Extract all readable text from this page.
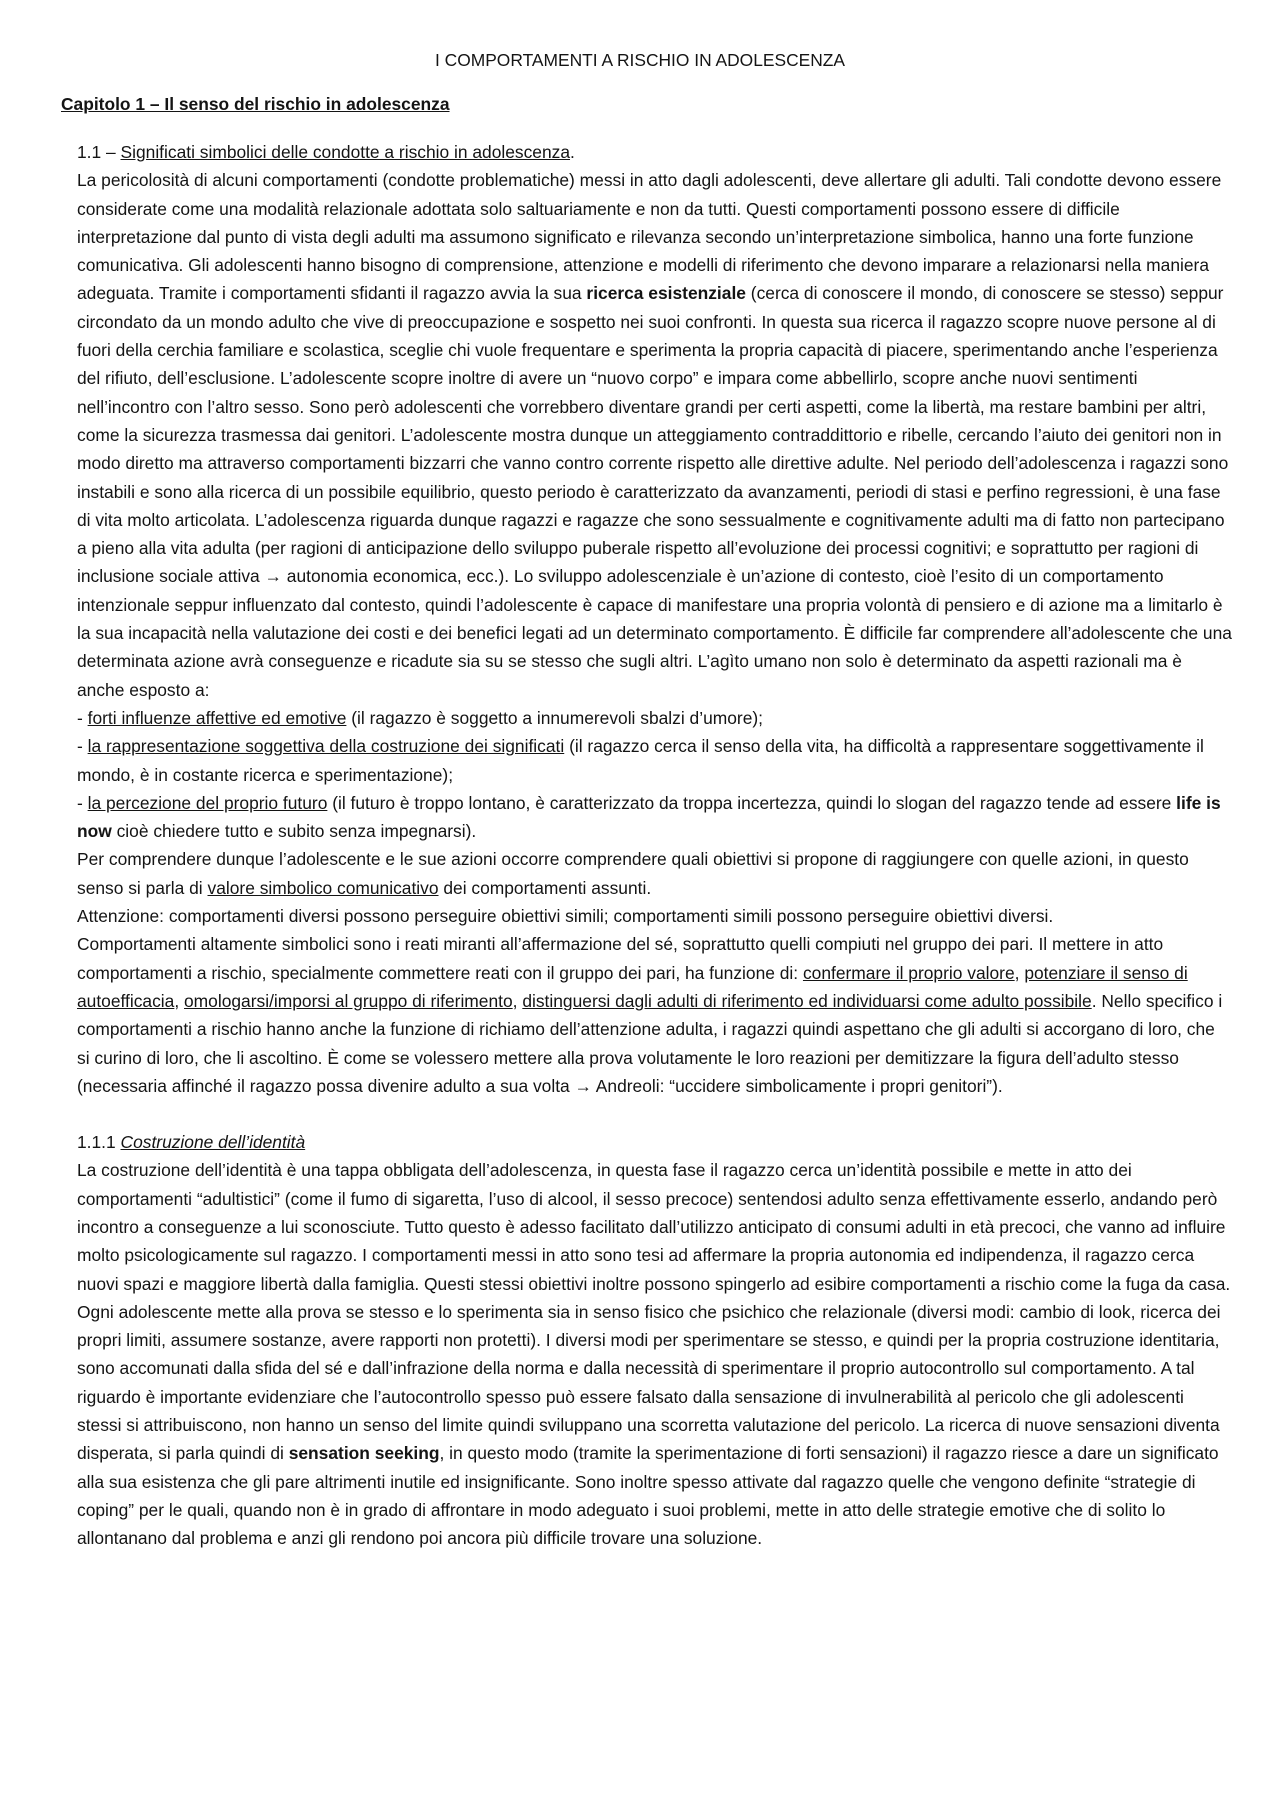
I COMPORTAMENTI A RISCHIO IN ADOLESCENZA
Capitolo 1 – Il senso del rischio in adolescenza

1.1 – Significati simbolici delle condotte a rischio in adolescenza.

La pericolosità di alcuni comportamenti (condotte problematiche) messi in atto dagli adolescenti, deve allertare gli adulti. Tali condotte devono essere considerate come una modalità relazionale adottata solo saltuariamente e non da tutti. Questi comportamenti possono essere di difficile interpretazione dal punto di vista degli adulti ma assumono significato e rilevanza secondo un’interpretazione simbolica, hanno una forte funzione comunicativa. Gli adolescenti hanno bisogno di comprensione, attenzione e modelli di riferimento che devono imparare a relazionarsi nella maniera adeguata. Tramite i comportamenti sfidanti il ragazzo avvia la sua ricerca esistenziale (cerca di conoscere il mondo, di conoscere se stesso) seppur circondato da un mondo adulto che vive di preoccupazione e sospetto nei suoi confronti. In questa sua ricerca il ragazzo scopre nuove persone al di fuori della cerchia familiare e scolastica, sceglie chi vuole frequentare e sperimenta la propria capacità di piacere, sperimentando anche l’esperienza del rifiuto, dell’esclusione. L’adolescente scopre inoltre di avere un “nuovo corpo” e impara come abbellirlo, scopre anche nuovi sentimenti nell’incontro con l’altro sesso. Sono però adolescenti che vorrebbero diventare grandi per certi aspetti, come la libertà, ma restare bambini per altri, come la sicurezza trasmessa dai genitori. L’adolescente mostra dunque un atteggiamento contraddittorio e ribelle, cercando l’aiuto dei genitori non in modo diretto ma attraverso comportamenti bizzarri che vanno contro corrente rispetto alle direttive adulte. Nel periodo dell’adolescenza i ragazzi sono instabili e sono alla ricerca di un possibile equilibrio, questo periodo è caratterizzato da avanzamenti, periodi di stasi e perfino regressioni, è una fase di vita molto articolata. L’adolescenza riguarda dunque ragazzi e ragazze che sono sessualmente e cognitivamente adulti ma di fatto non partecipano a pieno alla vita adulta (per ragioni di anticipazione dello sviluppo puberale rispetto all’evoluzione dei processi cognitivi; e soprattutto per ragioni di inclusione sociale attiva → autonomia economica, ecc.). Lo sviluppo adolescenziale è un’azione di contesto, cioè l’esito di un comportamento intenzionale seppur influenzato dal contesto, quindi l’adolescente è capace di manifestare una propria volontà di pensiero e di azione ma a limitarlo è la sua incapacità nella valutazione dei costi e dei benefici legati ad un determinato comportamento. È difficile far comprendere all’adolescente che una determinata azione avrà conseguenze e ricadute sia su se stesso che sugli altri. L’agìto umano non solo è determinato da aspetti razionali ma è anche esposto a:

- forti influenze affettive ed emotive (il ragazzo è soggetto a innumerevoli sbalzi d’umore);

- la rappresentazione soggettiva della costruzione dei significati (il ragazzo cerca il senso della vita, ha difficoltà a rappresentare soggettivamente il mondo, è in costante ricerca e sperimentazione);

- la percezione del proprio futuro (il futuro è troppo lontano, è caratterizzato da troppa incertezza, quindi lo slogan del ragazzo tende ad essere life is now cioè chiedere tutto e subito senza impegnarsi).

Per comprendere dunque l’adolescente e le sue azioni occorre comprendere quali obiettivi si propone di raggiungere con quelle azioni, in questo senso si parla di valore simbolico comunicativo dei comportamenti assunti.

Attenzione: comportamenti diversi possono perseguire obiettivi simili; comportamenti simili possono perseguire obiettivi diversi.

Comportamenti altamente simbolici sono i reati miranti all’affermazione del sé, soprattutto quelli compiuti nel gruppo dei pari. Il mettere in atto comportamenti a rischio, specialmente commettere reati con il gruppo dei pari, ha funzione di: confermare il proprio valore, potenziare il senso di autoefficacia, omologarsi/imporsi al gruppo di riferimento, distinguersi dagli adulti di riferimento ed individuarsi come adulto possibile. Nello specifico i comportamenti a rischio hanno anche la funzione di richiamo dell’attenzione adulta, i ragazzi quindi aspettano che gli adulti si accorgano di loro, che si curino di loro, che li ascoltino. È come se volessero mettere alla prova volutamente le loro reazioni per demitizzare la figura dell’adulto stesso (necessaria affinché il ragazzo possa divenire adulto a sua volta → Andreoli: “uccidere simbolicamente i propri genitori”).

1.1.1 Costruzione dell’identità

La costruzione dell’identità è una tappa obbligata dell’adolescenza, in questa fase il ragazzo cerca un’identità possibile e mette in atto dei comportamenti “adultistici” (come il fumo di sigaretta, l’uso di alcool, il sesso precoce) sentendosi adulto senza effettivamente esserlo, andando però incontro a conseguenze a lui sconosciute. Tutto questo è adesso facilitato dall’utilizzo anticipato di consumi adulti in età precoci, che vanno ad influire molto psicologicamente sul ragazzo. I comportamenti messi in atto sono tesi ad affermare la propria autonomia ed indipendenza, il ragazzo cerca nuovi spazi e maggiore libertà dalla famiglia. Questi stessi obiettivi inoltre possono spingerlo ad esibire comportamenti a rischio come la fuga da casa. Ogni adolescente mette alla prova se stesso e lo sperimenta sia in senso fisico che psichico che relazionale (diversi modi: cambio di look, ricerca dei propri limiti, assumere sostanze, avere rapporti non protetti). I diversi modi per sperimentare se stesso, e quindi per la propria costruzione identitaria, sono accomunati dalla sfida del sé e dall’infrazione della norma e dalla necessità di sperimentare il proprio autocontrollo sul comportamento. A tal riguardo è importante evidenziare che l’autocontrollo spesso può essere falsato dalla sensazione di invulnerabilità al pericolo che gli adolescenti stessi si attribuiscono, non hanno un senso del limite quindi sviluppano una scorretta valutazione del pericolo. La ricerca di nuove sensazioni diventa disperata, si parla quindi di sensation seeking, in questo modo (tramite la sperimentazione di forti sensazioni) il ragazzo riesce a dare un significato alla sua esistenza che gli pare altrimenti inutile ed insignificante. Sono inoltre spesso attivate dal ragazzo quelle che vengono definite “strategie di coping” per le quali, quando non è in grado di affrontare in modo adeguato i suoi problemi, mette in atto delle strategie emotive che di solito lo allontanano dal problema e anzi gli rendono poi ancora più difficile trovare una soluzione.
